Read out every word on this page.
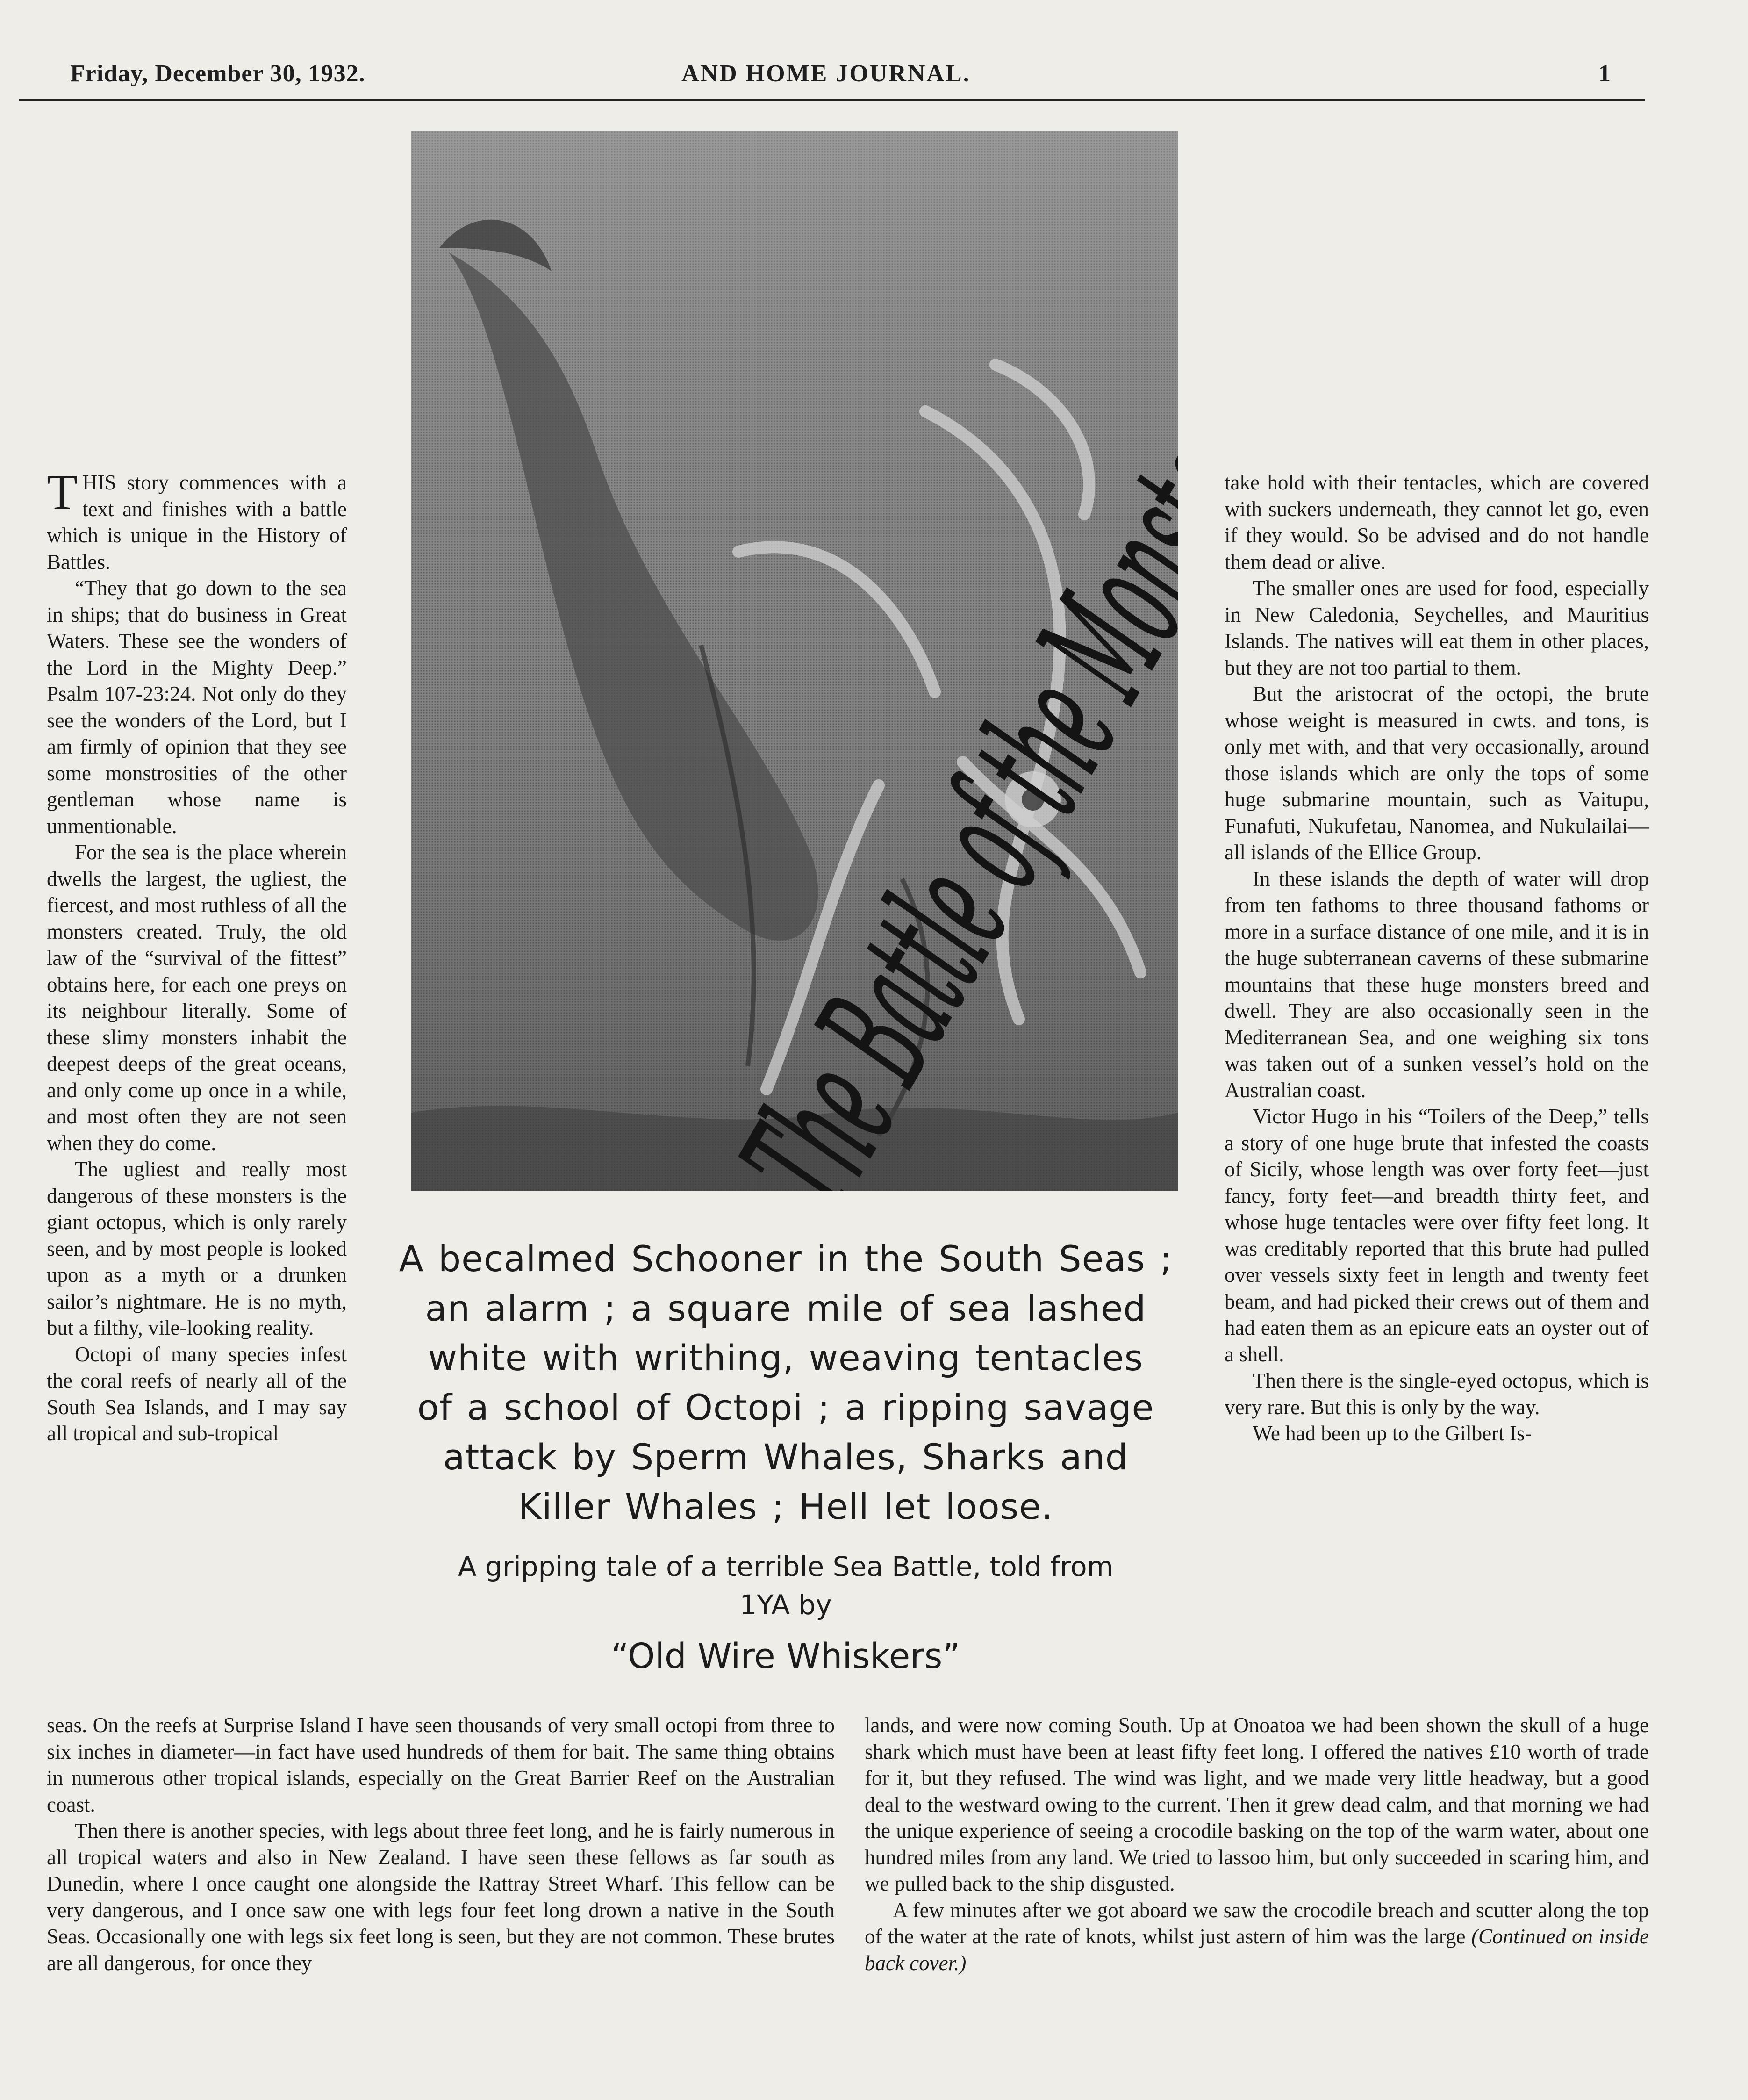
Friday, December 30, 1932.	AND HOME JOURNAL.	1

THIS story commences with a text and finishes with a battle which is unique in the History of Battles.

“They that go down to the sea in ships; that do business in Great Waters. These see the wonders of the Lord in the Mighty Deep.” Psalm 107-23:24. Not only do they see the wonders of the Lord, but I am firmly of opinion that they see some monstrosities of the other gentleman whose name is unmentionable.

For the sea is the place wherein dwells the largest, the ugliest, the fiercest, and most ruthless of all the monsters created. Truly, the old law of the “survival of the fittest” obtains here, for each one preys on its neighbour literally. Some of these slimy monsters inhabit the deepest deeps of the great oceans, and only come up once in a while, and most often they are not seen when they do come.

The ugliest and really most dangerous of these monsters is the giant octopus, which is only rarely seen, and by most people is looked upon as a myth or a drunken sailor’s nightmare. He is no myth, but a filthy, vile-looking reality.

Octopi of many species infest the coral reefs of nearly all of the South Sea Islands, and I may say all tropical and sub-tropical

take hold with their tentacles, which are covered with suckers underneath, they cannot let go, even if they would. So be advised and do not handle them dead or alive.

The smaller ones are used for food, especially in New Caledonia, Seychelles, and Mauritius Islands. The natives will eat them in other places, but they are not too partial to them.

But the aristocrat of the octopi, the brute whose weight is measured in cwts. and tons, is only met with, and that very occasionally, around those islands which are only the tops of some huge submarine mountain, such as Vaitupu, Funafuti, Nukufetau, Nanomea, and Nukulailai—all islands of the Ellice Group.

In these islands the depth of water will drop from ten fathoms to three thousand fathoms or more in a surface distance of one mile, and it is in the huge subterranean caverns of these submarine mountains that these huge monsters breed and dwell. They are also occasionally seen in the Mediterranean Sea, and one weighing six tons was taken out of a sunken vessel’s hold on the Australian coast.

Victor Hugo in his “Toilers of the Deep,” tells a story of one huge brute that infested the coasts of Sicily, whose length was over forty feet—just fancy, forty feet—and breadth thirty feet, and whose huge tentacles were over fifty feet long. It was creditably reported that this brute had pulled over vessels sixty feet in length and twenty feet beam, and had picked their crews out of them and had eaten them as an epicure eats an oyster out of a shell.

Then there is the single-eyed octopus, which is very rare. But this is only by the way.

We had been up to the Gilbert Is-

A becalmed Schooner in the South Seas ;
an alarm ; a square mile of sea lashed
white with writhing, weaving tentacles
of a school of Octopi ; a ripping savage
attack by Sperm Whales, Sharks and
Killer Whales ; Hell let loose.
A gripping tale of a terrible Sea Battle, told from
1YA by
“Old Wire Whiskers”

seas. On the reefs at Surprise Island I have seen thousands of very small octopi from three to six inches in diameter—in fact have used hundreds of them for bait. The same thing obtains in numerous other tropical islands, especially on the Great Barrier Reef on the Australian coast.

Then there is another species, with legs about three feet long, and he is fairly numerous in all tropical waters and also in New Zealand. I have seen these fellows as far south as Dunedin, where I once caught one alongside the Rattray Street Wharf. This fellow can be very dangerous, and I once saw one with legs four feet long drown a native in the South Seas. Occasionally one with legs six feet long is seen, but they are not common. These brutes are all dangerous, for once they

lands, and were now coming South. Up at Onoatoa we had been shown the skull of a huge shark which must have been at least fifty feet long. I offered the natives £10 worth of trade for it, but they refused. The wind was light, and we made very little headway, but a good deal to the westward owing to the current. Then it grew dead calm, and that morning we had the unique experience of seeing a crocodile basking on the top of the warm water, about one hundred miles from any land. We tried to lassoo him, but only succeeded in scaring him, and we pulled back to the ship disgusted.

A few minutes after we got aboard we saw the crocodile breach and scutter along the top of the water at the rate of knots, whilst just astern of him was the large (Continued on inside back cover.)
